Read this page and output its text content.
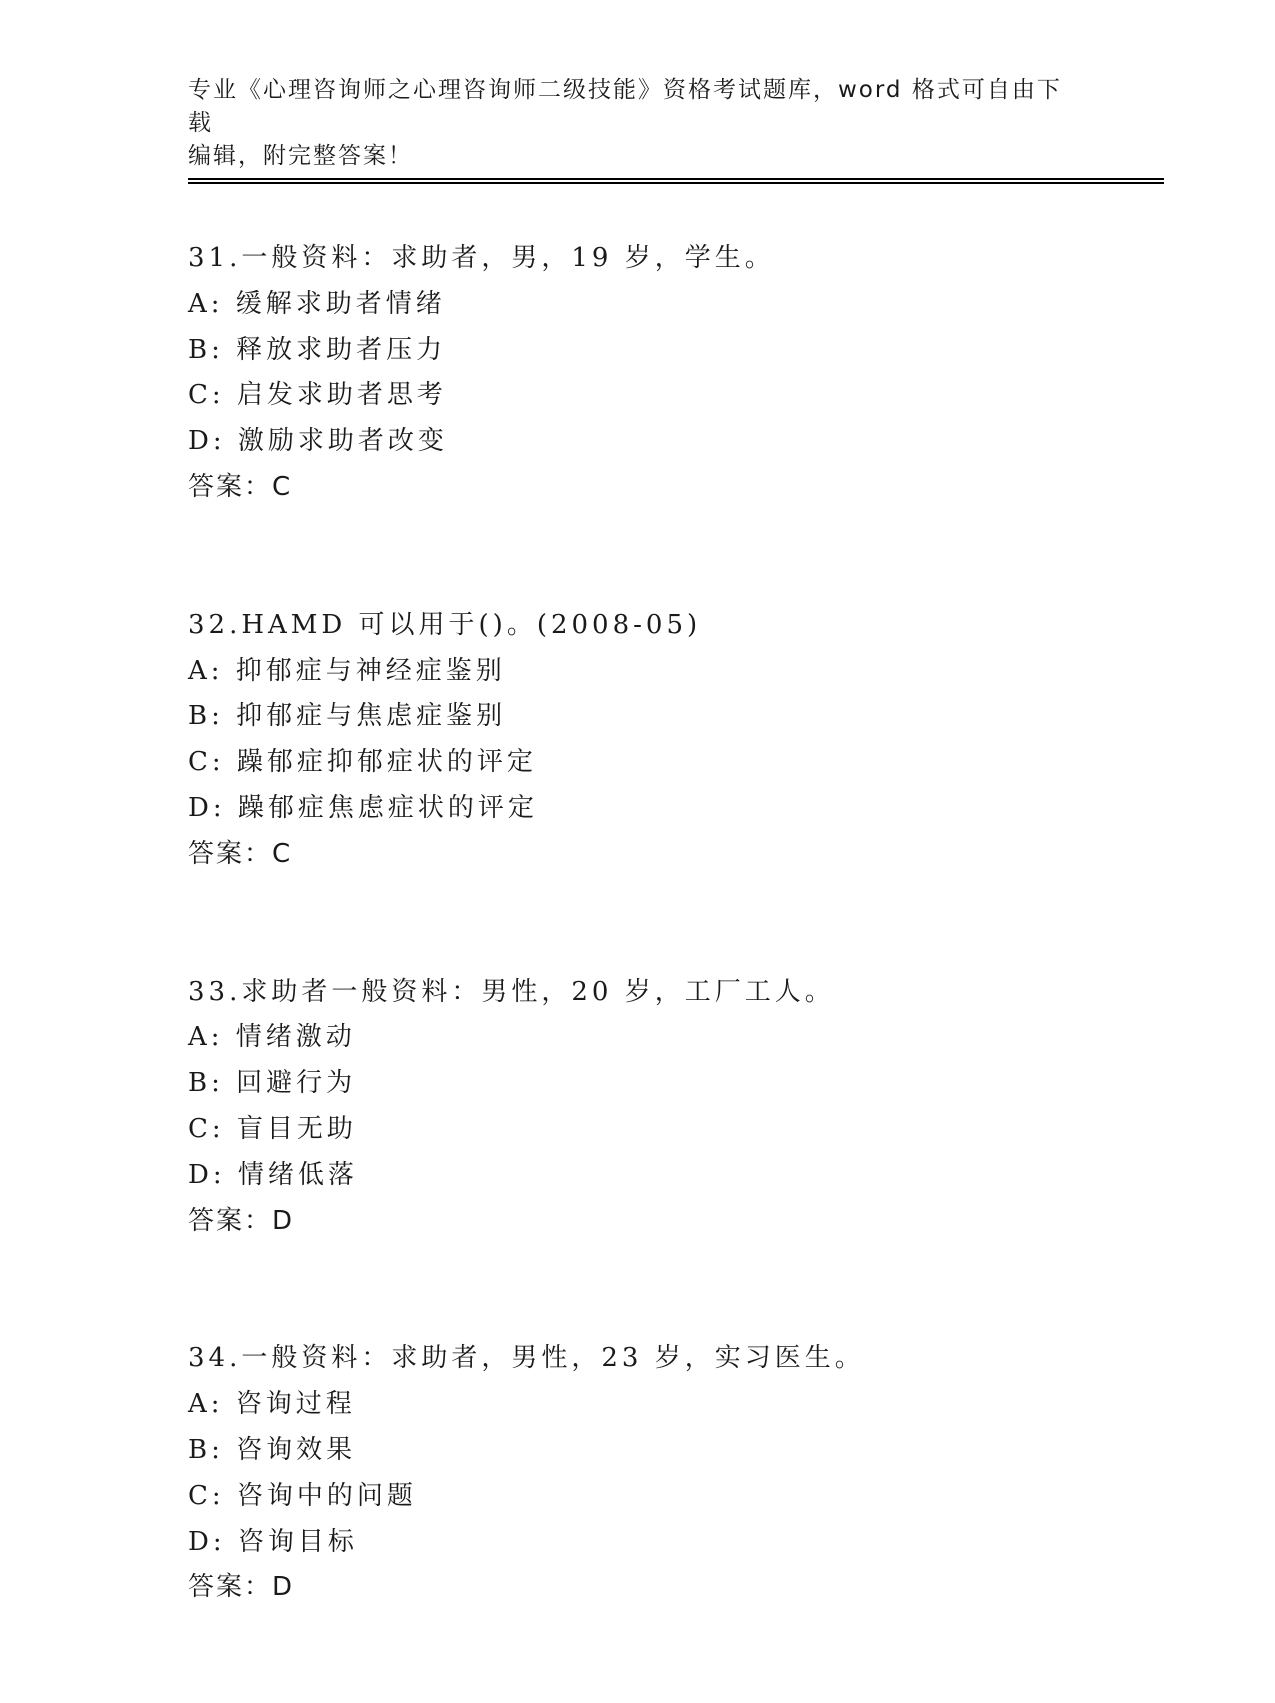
专业《心理咨询师之心理咨询师二级技能》资格考试题库，word 格式可自由下载
编辑，附完整答案！
31.一般资料：求助者，男，19 岁，学生。
A: 缓解求助者情绪
B: 释放求助者压力
C: 启发求助者思考
D: 激励求助者改变
答案：C
32.HAMD 可以用于()。(2008-05)
A: 抑郁症与神经症鉴别
B: 抑郁症与焦虑症鉴别
C: 躁郁症抑郁症状的评定
D: 躁郁症焦虑症状的评定
答案：C
33.求助者一般资料：男性，20 岁，工厂工人。
A: 情绪激动
B: 回避行为
C: 盲目无助
D: 情绪低落
答案：D
34.一般资料：求助者，男性，23 岁，实习医生。
A: 咨询过程
B: 咨询效果
C: 咨询中的问题
D: 咨询目标
答案：D
